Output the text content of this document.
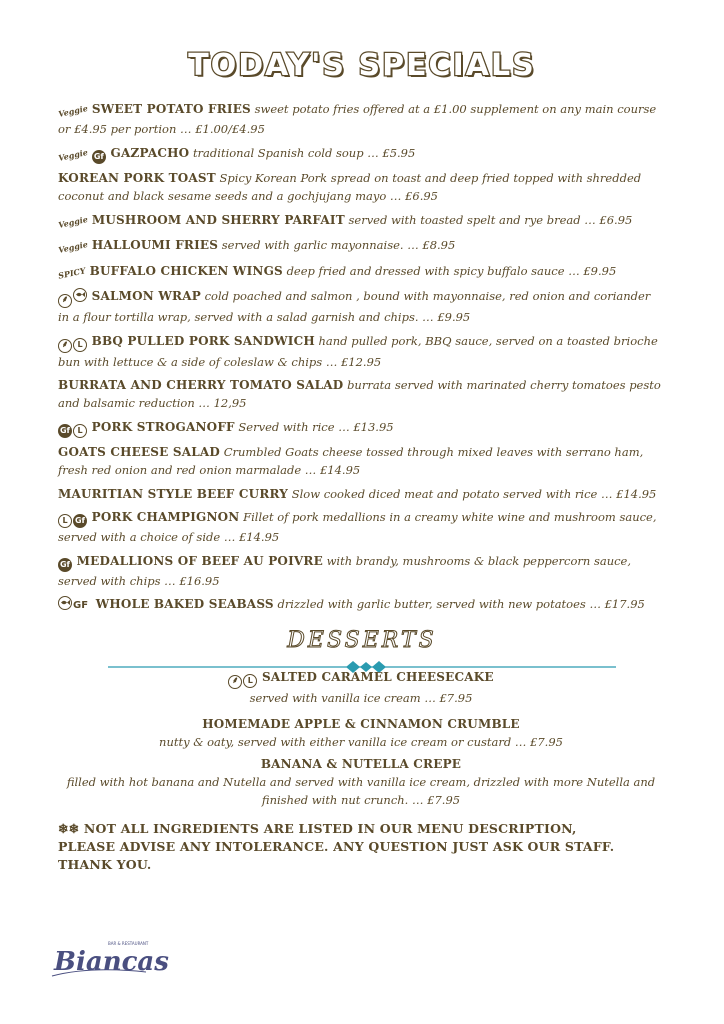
TODAY'S SPECIALS
Veggie SWEET POTATO FRIES sweet potato fries offered at a £1.00 supplement on any main course or £4.95 per portion … £1.00/£4.95
Veggie Gf GAZPACHO traditional Spanish cold soup … £5.95
KOREAN PORK TOAST Spicy Korean Pork spread on toast and deep fried topped with shredded coconut and black sesame seeds and a gochjujang mayo … £6.95
Veggie MUSHROOM AND SHERRY PARFAIT served with toasted spelt and rye bread … £6.95
Veggie HALLOUMI FRIES served with garlic mayonnaise. … £8.95
SPICY BUFFALO CHICKEN WINGS deep fried and dressed with spicy buffalo sauce … £9.95
⸙ SALMON WRAP cold poached and salmon , bound with mayonnaise, red onion and coriander in a flour tortilla wrap, served with a salad garnish and chips. … £9.95
⸙ L BBQ PULLED PORK SANDWICH hand pulled pork, BBQ sauce, served on a toasted brioche bun with lettuce & a side of coleslaw & chips … £12.95
BURRATA AND CHERRY TOMATO SALAD burrata served with marinated cherry tomatoes pesto and balsamic reduction … 12,95
Gf L PORK STROGANOFF Served with rice … £13.95
GOATS CHEESE SALAD Crumbled Goats cheese tossed through mixed leaves with serrano ham, fresh red onion and red onion marmalade … £14.95
MAURITIAN STYLE BEEF CURRY Slow cooked diced meat and potato served with rice … £14.95
L Gf PORK CHAMPIGNON Fillet of pork medallions in a creamy white wine and mushroom sauce, served with a choice of side … £14.95
Gf MEDALLIONS OF BEEF AU POIVRE with brandy, mushrooms & black peppercorn sauce, served with chips … £16.95
GF WHOLE BAKED SEABASS drizzled with garlic butter, served with new potatoes … £17.95
DESSERTS
⸙ L SALTED CARAMEL CHEESECAKE
served with vanilla ice cream … £7.95
HOMEMADE APPLE & CINNAMON CRUMBLE
nutty & oaty, served with either vanilla ice cream or custard … £7.95
BANANA & NUTELLA CREPE
filled with hot banana and Nutella and served with vanilla ice cream, drizzled with more Nutella and finished with nut crunch. … £7.95
❄❄ NOT ALL INGREDIENTS ARE LISTED IN OUR MENU DESCRIPTION, PLEASE ADVISE ANY INTOLERANCE. ANY QUESTION JUST ASK OUR STAFF. THANK YOU.
BAR & RESTAURANT
Biancas
